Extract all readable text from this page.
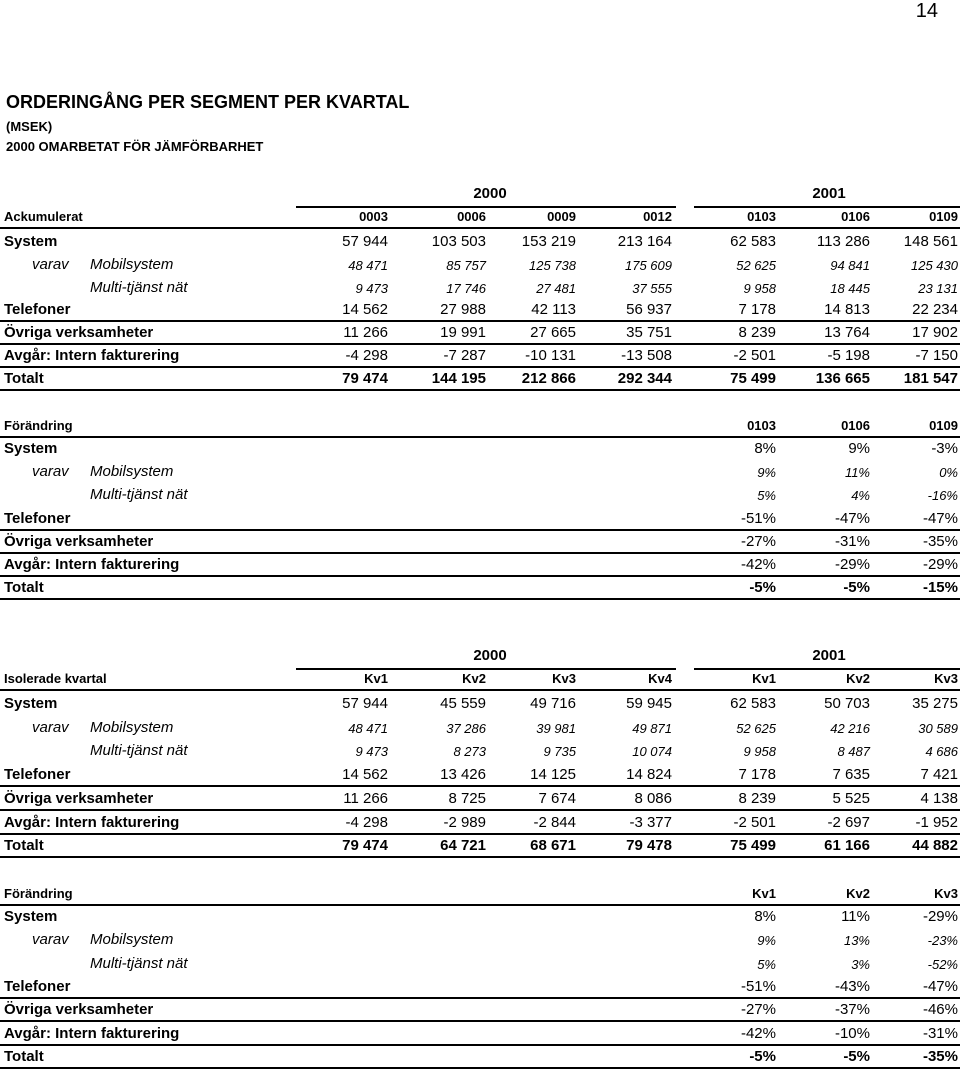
14
ORDERINGÅNG PER SEGMENT PER KVARTAL
(MSEK)
2000 OMARBETAT FÖR JÄMFÖRBARHET
2000	2001
Ackumulerat	0003	0006	0009	0012	0103	0106	0109
System	57 944	103 503	153 219	213 164	62 583	113 286	148 561
varav Mobilsystem	48 471	85 757	125 738	175 609	52 625	94 841	125 430
Multi-tjänst nät	9 473	17 746	27 481	37 555	9 958	18 445	23 131
Telefoner	14 562	27 988	42 113	56 937	7 178	14 813	22 234
Övriga verksamheter	11 266	19 991	27 665	35 751	8 239	13 764	17 902
Avgår: Intern fakturering	-4 298	-7 287	-10 131	-13 508	-2 501	-5 198	-7 150
Totalt	79 474	144 195	212 866	292 344	75 499	136 665	181 547
Förändring	0103	0106	0109
System	8%	9%	-3%
varav Mobilsystem	9%	11%	0%
Multi-tjänst nät	5%	4%	-16%
Telefoner	-51%	-47%	-47%
Övriga verksamheter	-27%	-31%	-35%
Avgår: Intern fakturering	-42%	-29%	-29%
Totalt	-5%	-5%	-15%
2000	2001
Isolerade kvartal	Kv1	Kv2	Kv3	Kv4	Kv1	Kv2	Kv3
System	57 944	45 559	49 716	59 945	62 583	50 703	35 275
varav Mobilsystem	48 471	37 286	39 981	49 871	52 625	42 216	30 589
Multi-tjänst nät	9 473	8 273	9 735	10 074	9 958	8 487	4 686
Telefoner	14 562	13 426	14 125	14 824	7 178	7 635	7 421
Övriga verksamheter	11 266	8 725	7 674	8 086	8 239	5 525	4 138
Avgår: Intern fakturering	-4 298	-2 989	-2 844	-3 377	-2 501	-2 697	-1 952
Totalt	79 474	64 721	68 671	79 478	75 499	61 166	44 882
Förändring	Kv1	Kv2	Kv3
System	8%	11%	-29%
varav Mobilsystem	9%	13%	-23%
Multi-tjänst nät	5%	3%	-52%
Telefoner	-51%	-43%	-47%
Övriga verksamheter	-27%	-37%	-46%
Avgår: Intern fakturering	-42%	-10%	-31%
Totalt	-5%	-5%	-35%
